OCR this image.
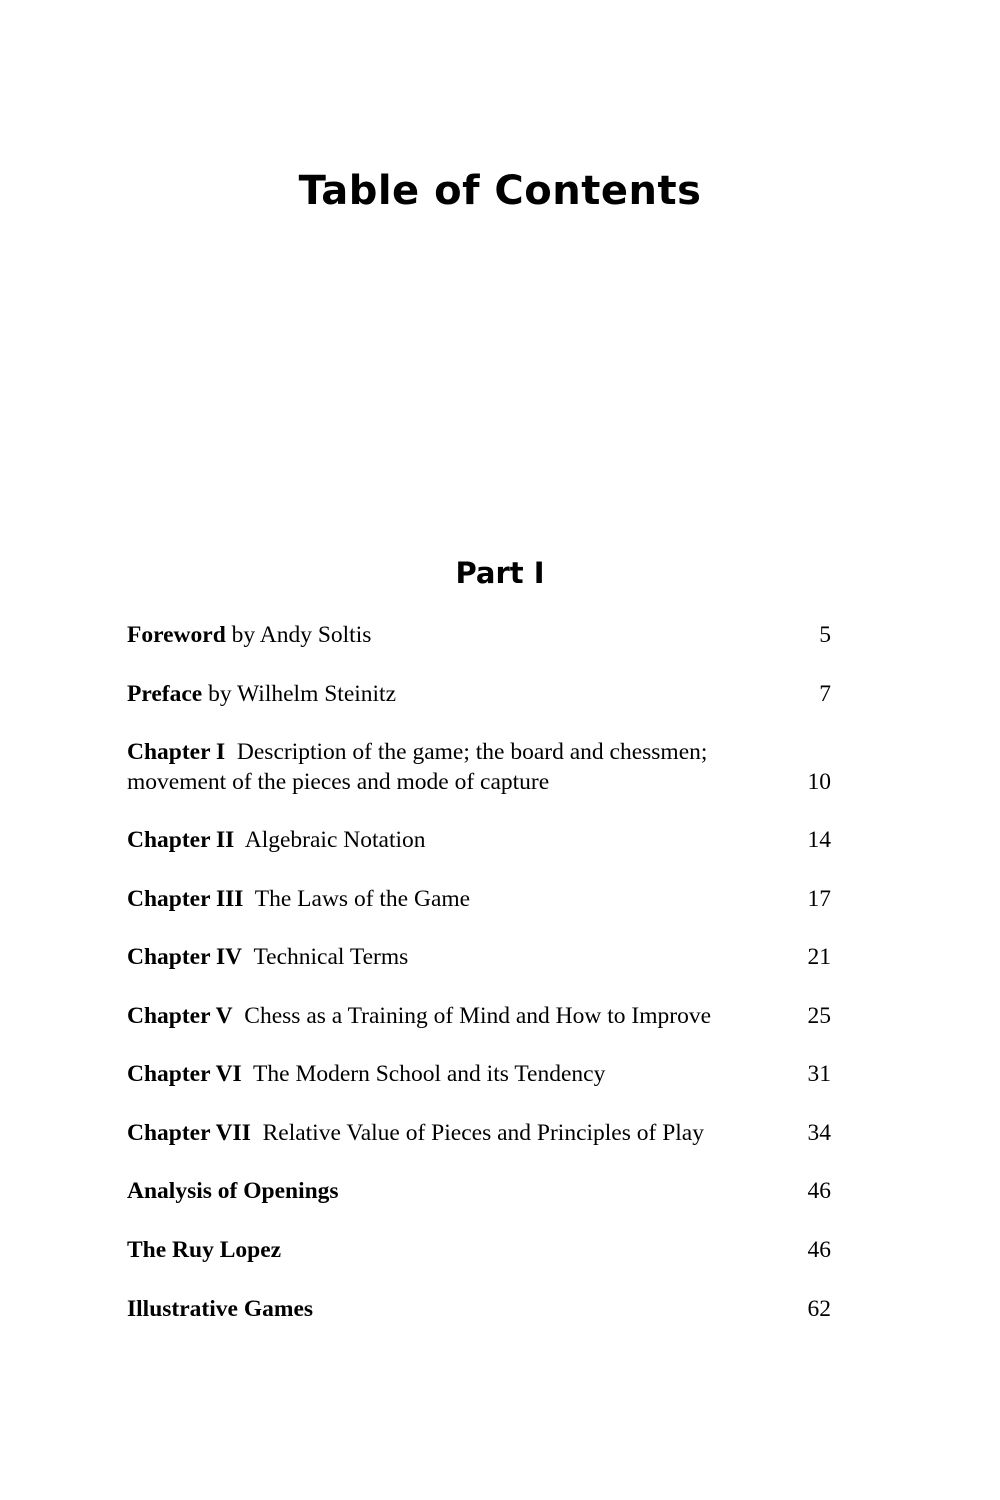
Table of Contents
Part I
Foreword by Andy Soltis	5
Preface by Wilhelm Steinitz	7
Chapter I  Description of the game; the board and chessmen; movement of the pieces and mode of capture	10
Chapter II  Algebraic Notation	14
Chapter III  The Laws of the Game	17
Chapter IV  Technical Terms	21
Chapter V  Chess as a Training of Mind and How to Improve	25
Chapter VI  The Modern School and its Tendency	31
Chapter VII  Relative Value of Pieces and Principles of Play	34
Analysis of Openings	46
The Ruy Lopez	46
Illustrative Games	62
